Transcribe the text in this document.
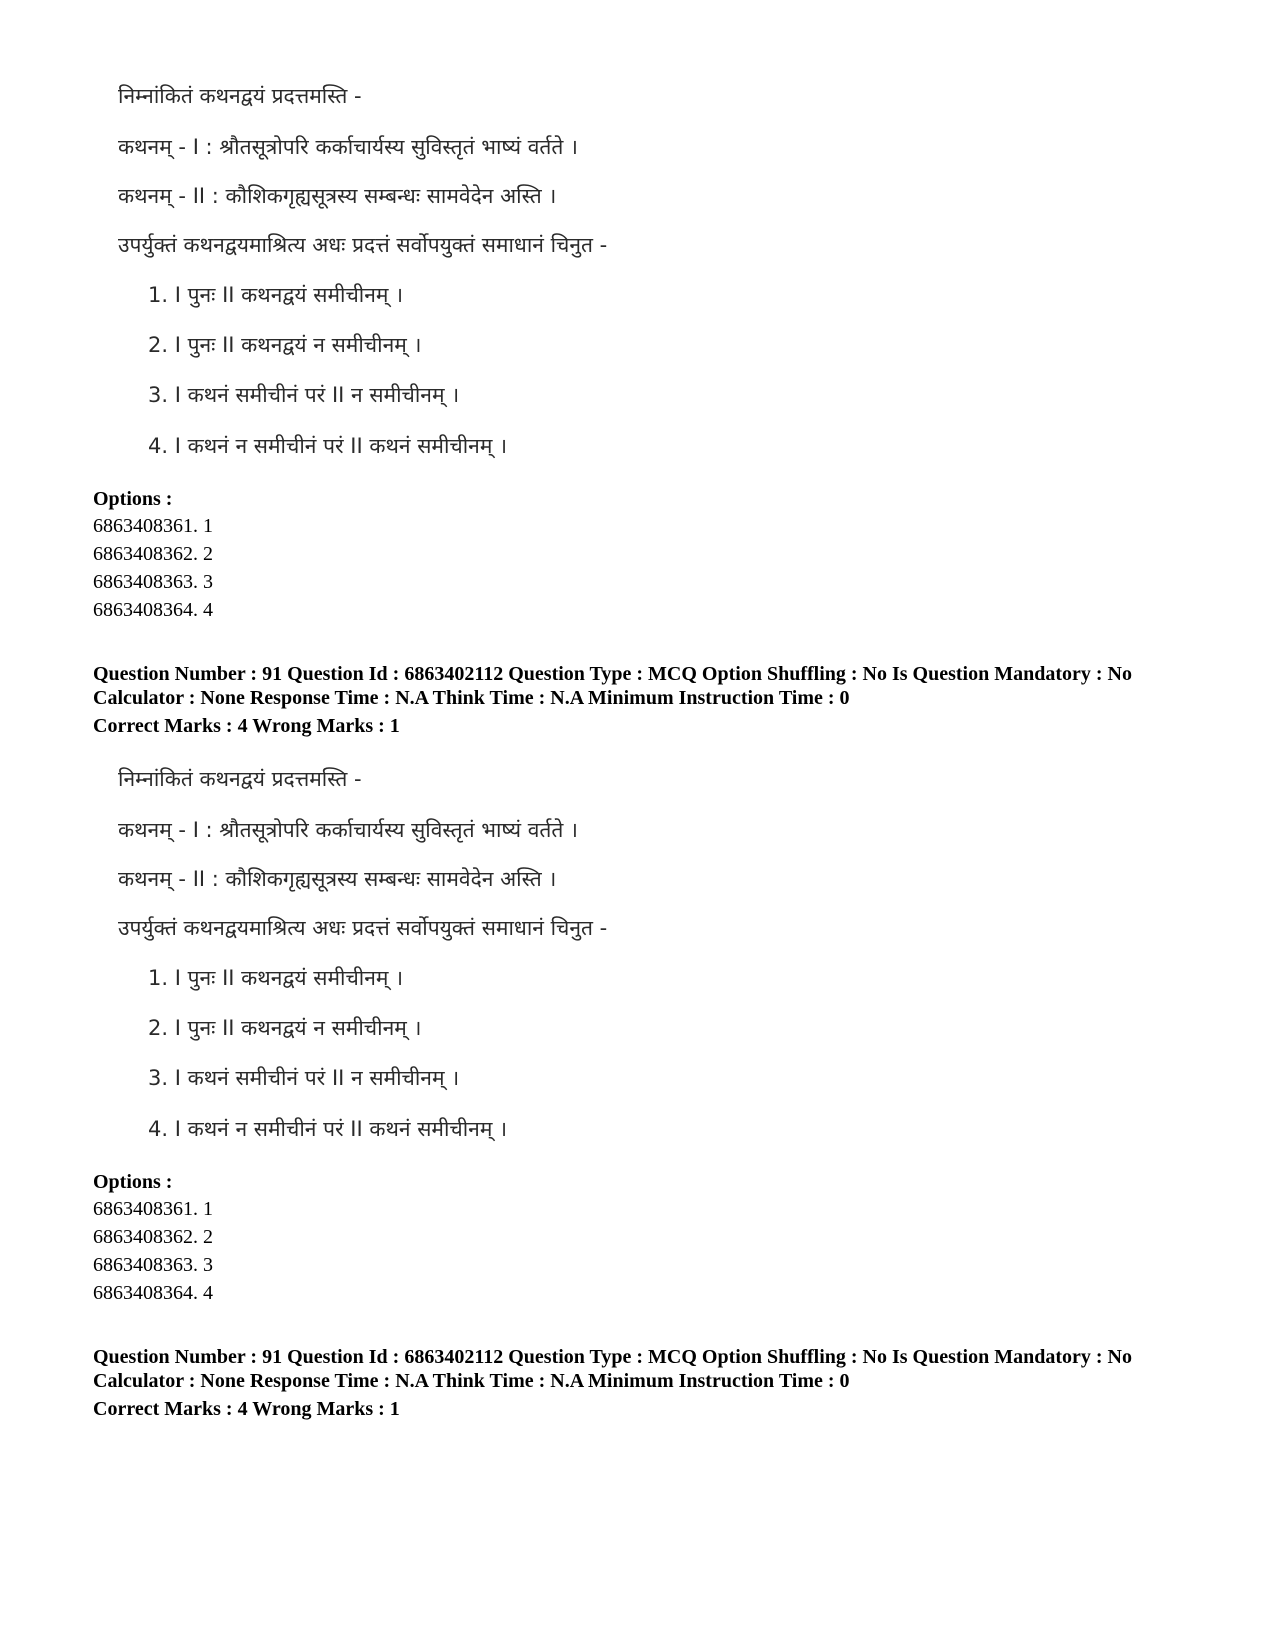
निम्नांकितं कथनद्वयं प्रदत्तमस्ति -
कथनम् - I : श्रौतसूत्रोपरि कर्काचार्यस्य सुविस्तृतं भाष्यं वर्तते ।
कथनम् - II : कौशिकगृह्यसूत्रस्य सम्बन्धः सामवेदेन अस्ति ।
उपर्युक्तं कथनद्वयमाश्रित्य अधः प्रदत्तं सर्वोपयुक्तं समाधानं चिनुत -
1. I पुनः II कथनद्वयं समीचीनम् ।
2. I पुनः II कथनद्वयं न समीचीनम् ।
3. I कथनं समीचीनं परं II न समीचीनम् ।
4. I कथनं न समीचीनं परं II कथनं समीचीनम् ।
Options :
6863408361. 1
6863408362. 2
6863408363. 3
6863408364. 4
Question Number : 91 Question Id : 6863402112 Question Type : MCQ Option Shuffling : No Is Question Mandatory : No Calculator : None Response Time : N.A Think Time : N.A Minimum Instruction Time : 0
Correct Marks : 4 Wrong Marks : 1
निम्नांकितं कथनद्वयं प्रदत्तमस्ति -
कथनम् - I : श्रौतसूत्रोपरि कर्काचार्यस्य सुविस्तृतं भाष्यं वर्तते ।
कथनम् - II : कौशिकगृह्यसूत्रस्य सम्बन्धः सामवेदेन अस्ति ।
उपर्युक्तं कथनद्वयमाश्रित्य अधः प्रदत्तं सर्वोपयुक्तं समाधानं चिनुत -
1. I पुनः II कथनद्वयं समीचीनम् ।
2. I पुनः II कथनद्वयं न समीचीनम् ।
3. I कथनं समीचीनं परं II न समीचीनम् ।
4. I कथनं न समीचीनं परं II कथनं समीचीनम् ।
Options :
6863408361. 1
6863408362. 2
6863408363. 3
6863408364. 4
Question Number : 91 Question Id : 6863402112 Question Type : MCQ Option Shuffling : No Is Question Mandatory : No Calculator : None Response Time : N.A Think Time : N.A Minimum Instruction Time : 0
Correct Marks : 4 Wrong Marks : 1
